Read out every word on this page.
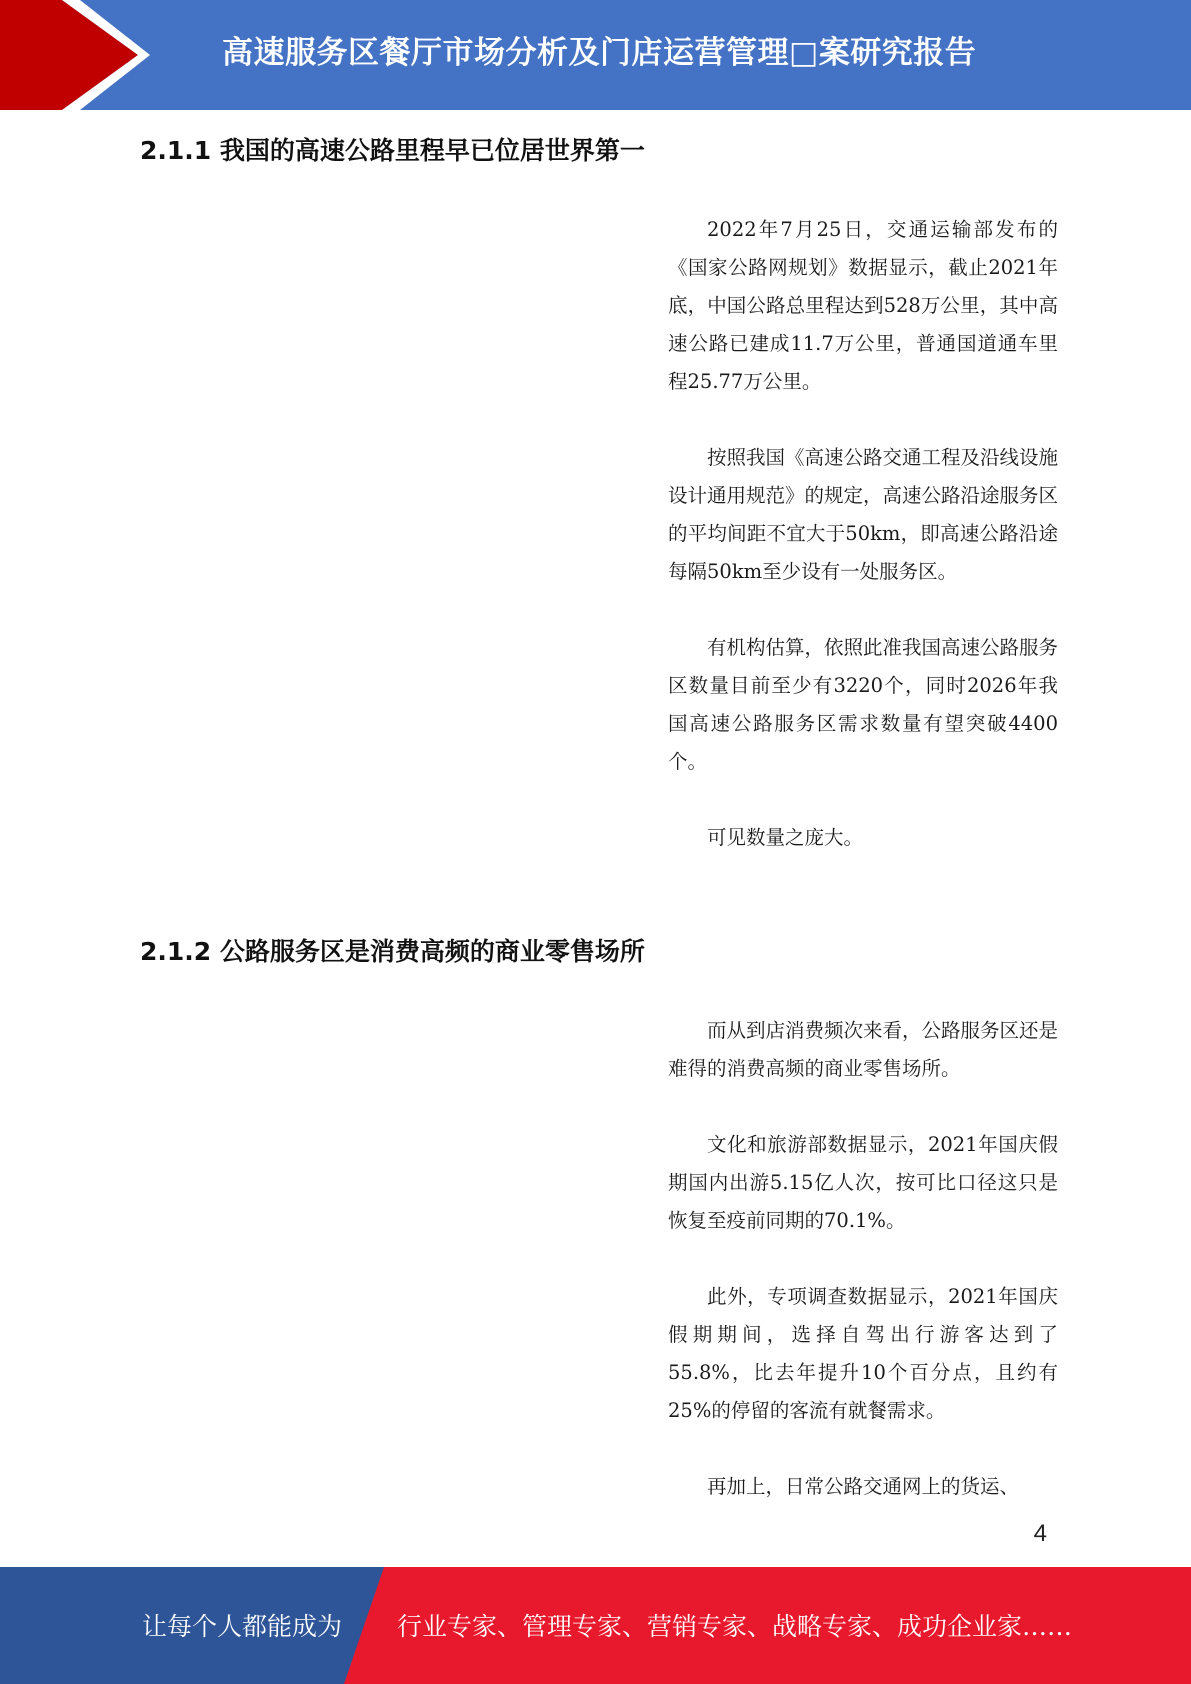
高速服务区餐厅市场分析及门店运营管理□案研究报告
2.1.1 我国的高速公路里程早已位居世界第一

2022年7月25日，交通运输部发布的《国家公路网规划》数据显示，截止2021年底，中国公路总里程达到528万公里，其中高速公路已建成11.7万公里，普通国道通车里程25.77万公里。

按照我国《高速公路交通工程及沿线设施设计通用规范》的规定，高速公路沿途服务区的平均间距不宜大于50km，即高速公路沿途每隔50km至少设有一处服务区。

有机构估算，依照此准我国高速公路服务区数量目前至少有3220个，同时2026年我国高速公路服务区需求数量有望突破4400个。

可见数量之庞大。

2.1.2 公路服务区是消费高频的商业零售场所

而从到店消费频次来看，公路服务区还是难得的消费高频的商业零售场所。

文化和旅游部数据显示，2021年国庆假期国内出游5.15亿人次，按可比口径这只是恢复至疫前同期的70.1%。

此外，专项调查数据显示，2021年国庆假期期间，选择自驾出行游客达到了55.8%，比去年提升10个百分点，且约有25%的停留的客流有就餐需求。

再加上，日常公路交通网上的货运、

4
让每个人都能成为 行业专家、管理专家、营销专家、战略专家、成功企业家……
